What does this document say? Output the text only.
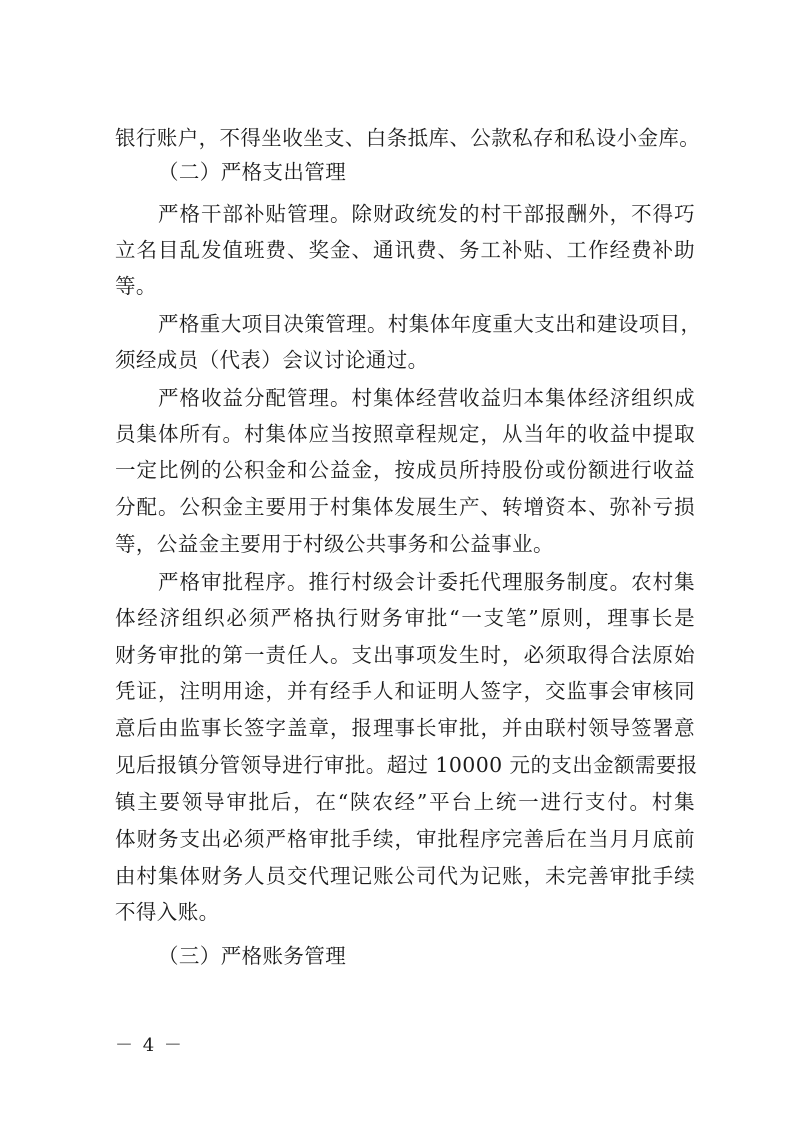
银行账户，不得坐收坐支、白条抵库、公款私存和私设小金库。
（二）严格支出管理
严格干部补贴管理。除财政统发的村干部报酬外，不得巧
立名目乱发值班费、奖金、通讯费、务工补贴、工作经费补助
等。
严格重大项目决策管理。村集体年度重大支出和建设项目，
须经成员（代表）会议讨论通过。
严格收益分配管理。村集体经营收益归本集体经济组织成
员集体所有。村集体应当按照章程规定，从当年的收益中提取
一定比例的公积金和公益金，按成员所持股份或份额进行收益
分配。公积金主要用于村集体发展生产、转增资本、弥补亏损
等，公益金主要用于村级公共事务和公益事业。
严格审批程序。推行村级会计委托代理服务制度。农村集
体经济组织必须严格执行财务审批“一支笔”原则，理事长是
财务审批的第一责任人。支出事项发生时，必须取得合法原始
凭证，注明用途，并有经手人和证明人签字，交监事会审核同
意后由监事长签字盖章，报理事长审批，并由联村领导签署意
见后报镇分管领导进行审批。超过 10000 元的支出金额需要报
镇主要领导审批后，在“陕农经”平台上统一进行支付。村集
体财务支出必须严格审批手续，审批程序完善后在当月月底前
由村集体财务人员交代理记账公司代为记账，未完善审批手续
不得入账。
（三）严格账务管理
－ 4 －
